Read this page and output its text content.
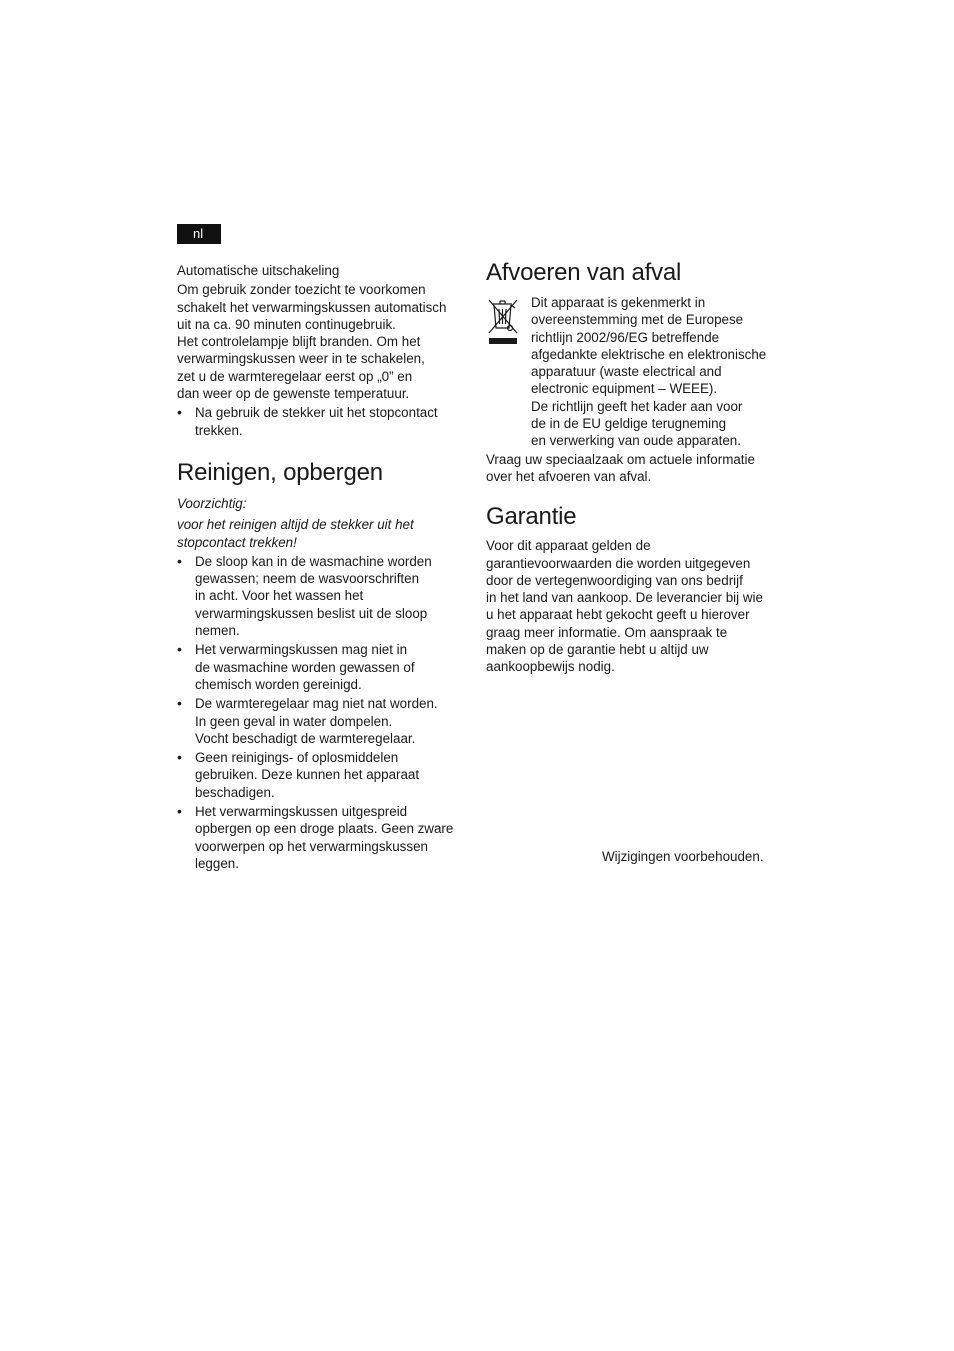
nl
Automatische uitschakeling

Om gebruik zonder toezicht te voorkomen

schakelt het verwarmingskussen automatisch

uit na ca. 90 minuten continugebruik.

Het controlelampje blijft branden. Om het

verwarmingskussen weer in te schakelen,

zet u de warmteregelaar eerst op „0” en

dan weer op de gewenste temperatuur.

• Na gebruik de stekker uit het stopcontact

trekken.

Reinigen, opbergen
Voorzichtig:

voor het reinigen altijd de stekker uit het

stopcontact trekken!

• De sloop kan in de wasmachine worden

gewassen; neem de wasvoorschriften

in acht. Voor het wassen het

verwarmingskussen beslist uit de sloop

nemen.

• Het verwarmingskussen mag niet in

de wasmachine worden gewassen of

chemisch worden gereinigd.

• De warmteregelaar mag niet nat worden.

In geen geval in water dompelen.

Vocht beschadigt de warmteregelaar.

• Geen reinigings- of oplosmiddelen

gebruiken. Deze kunnen het apparaat

beschadigen.

• Het verwarmingskussen uitgespreid

opbergen op een droge plaats. Geen zware

voorwerpen op het verwarmingskussen

leggen.

Afvoeren van afval

Dit apparaat is gekenmerkt in

overeenstemming met de Europese

richtlijn 2002/96/EG betreffende

afgedankte elektrische en elektronische

apparatuur (waste electrical and

electronic equipment – WEEE).

De richtlijn geeft het kader aan voor

de in de EU geldige terugneming

en verwerking van oude apparaten.

Vraag uw speciaalzaak om actuele informatie

over het afvoeren van afval.

Garantie

Voor dit apparaat gelden de

garantievoorwaarden die worden uitgegeven

door de vertegenwoordiging van ons bedrijf

in het land van aankoop. De leverancier bij wie

u het apparaat hebt gekocht geeft u hierover

graag meer informatie. Om aanspraak te

maken op de garantie hebt u altijd uw

aankoopbewijs nodig.

Wijzigingen voorbehouden.
